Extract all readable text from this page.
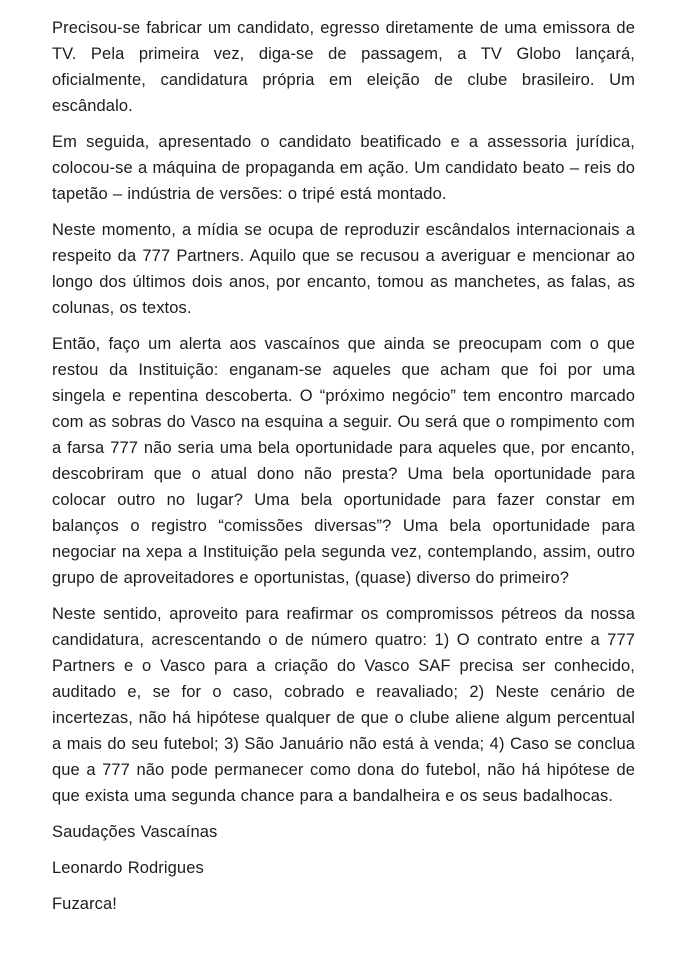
Precisou-se fabricar um candidato, egresso diretamente de uma emissora de TV. Pela primeira vez, diga-se de passagem, a TV Globo lançará, oficialmente, candidatura própria em eleição de clube brasileiro. Um escândalo.

Em seguida, apresentado o candidato beatificado e a assessoria jurídica, colocou-se a máquina de propaganda em ação. Um candidato beato – reis do tapetão – indústria de versões: o tripé está montado.

Neste momento, a mídia se ocupa de reproduzir escândalos internacionais a respeito da 777 Partners. Aquilo que se recusou a averiguar e mencionar ao longo dos últimos dois anos, por encanto, tomou as manchetes, as falas, as colunas, os textos.

Então, faço um alerta aos vascaínos que ainda se preocupam com o que restou da Instituição: enganam-se aqueles que acham que foi por uma singela e repentina descoberta. O “próximo negócio” tem encontro marcado com as sobras do Vasco na esquina a seguir. Ou será que o rompimento com a farsa 777 não seria uma bela oportunidade para aqueles que, por encanto, descobriram que o atual dono não presta? Uma bela oportunidade para colocar outro no lugar? Uma bela oportunidade para fazer constar em balanços o registro “comissões diversas”? Uma bela oportunidade para negociar na xepa a Instituição pela segunda vez, contemplando, assim, outro grupo de aproveitadores e oportunistas, (quase) diverso do primeiro?

Neste sentido, aproveito para reafirmar os compromissos pétreos da nossa candidatura, acrescentando o de número quatro: 1) O contrato entre a 777 Partners e o Vasco para a criação do Vasco SAF precisa ser conhecido, auditado e, se for o caso, cobrado e reavaliado; 2) Neste cenário de incertezas, não há hipótese qualquer de que o clube aliene algum percentual a mais do seu futebol; 3) São Januário não está à venda; 4) Caso se conclua que a 777 não pode permanecer como dona do futebol, não há hipótese de que exista uma segunda chance para a bandalheira e os seus badalhocas.

Saudações Vascaínas

Leonardo Rodrigues

Fuzarca!
